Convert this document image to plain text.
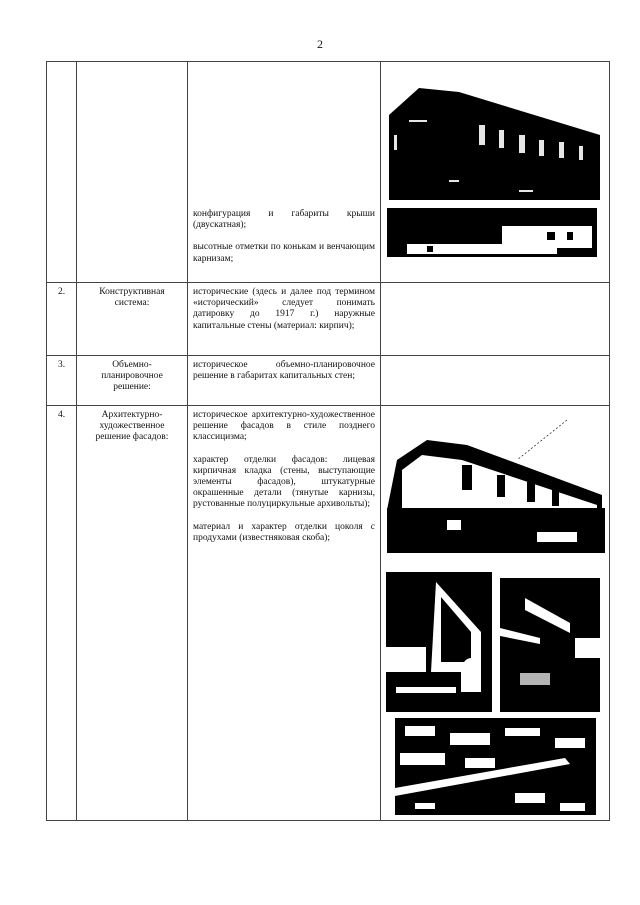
2

конфигурация и габариты крыши (двускатная);

высотные отметки по конькам и венчающим карнизам;

2.	Конструктивная система:

исторические (здесь и далее под термином «исторический» следует понимать датировку до 1917 г.) наружные капитальные стены (материал: кирпич);

3.	Объемно-планировочное решение:

историческое объемно-планировочное решение в габаритах капитальных стен;

4.	Архитектурно-художественное решение фасадов:

историческое архитектурно-художественное решение фасадов в стиле позднего классицизма;

характер отделки фасадов: лицевая кирпичная кладка (стены, выступающие элементы фасадов), штукатурные окрашенные детали (тянутые карнизы, рустованные полуциркульные архивольты);

материал и характер отделки цоколя с продухами (известняковая скоба);
